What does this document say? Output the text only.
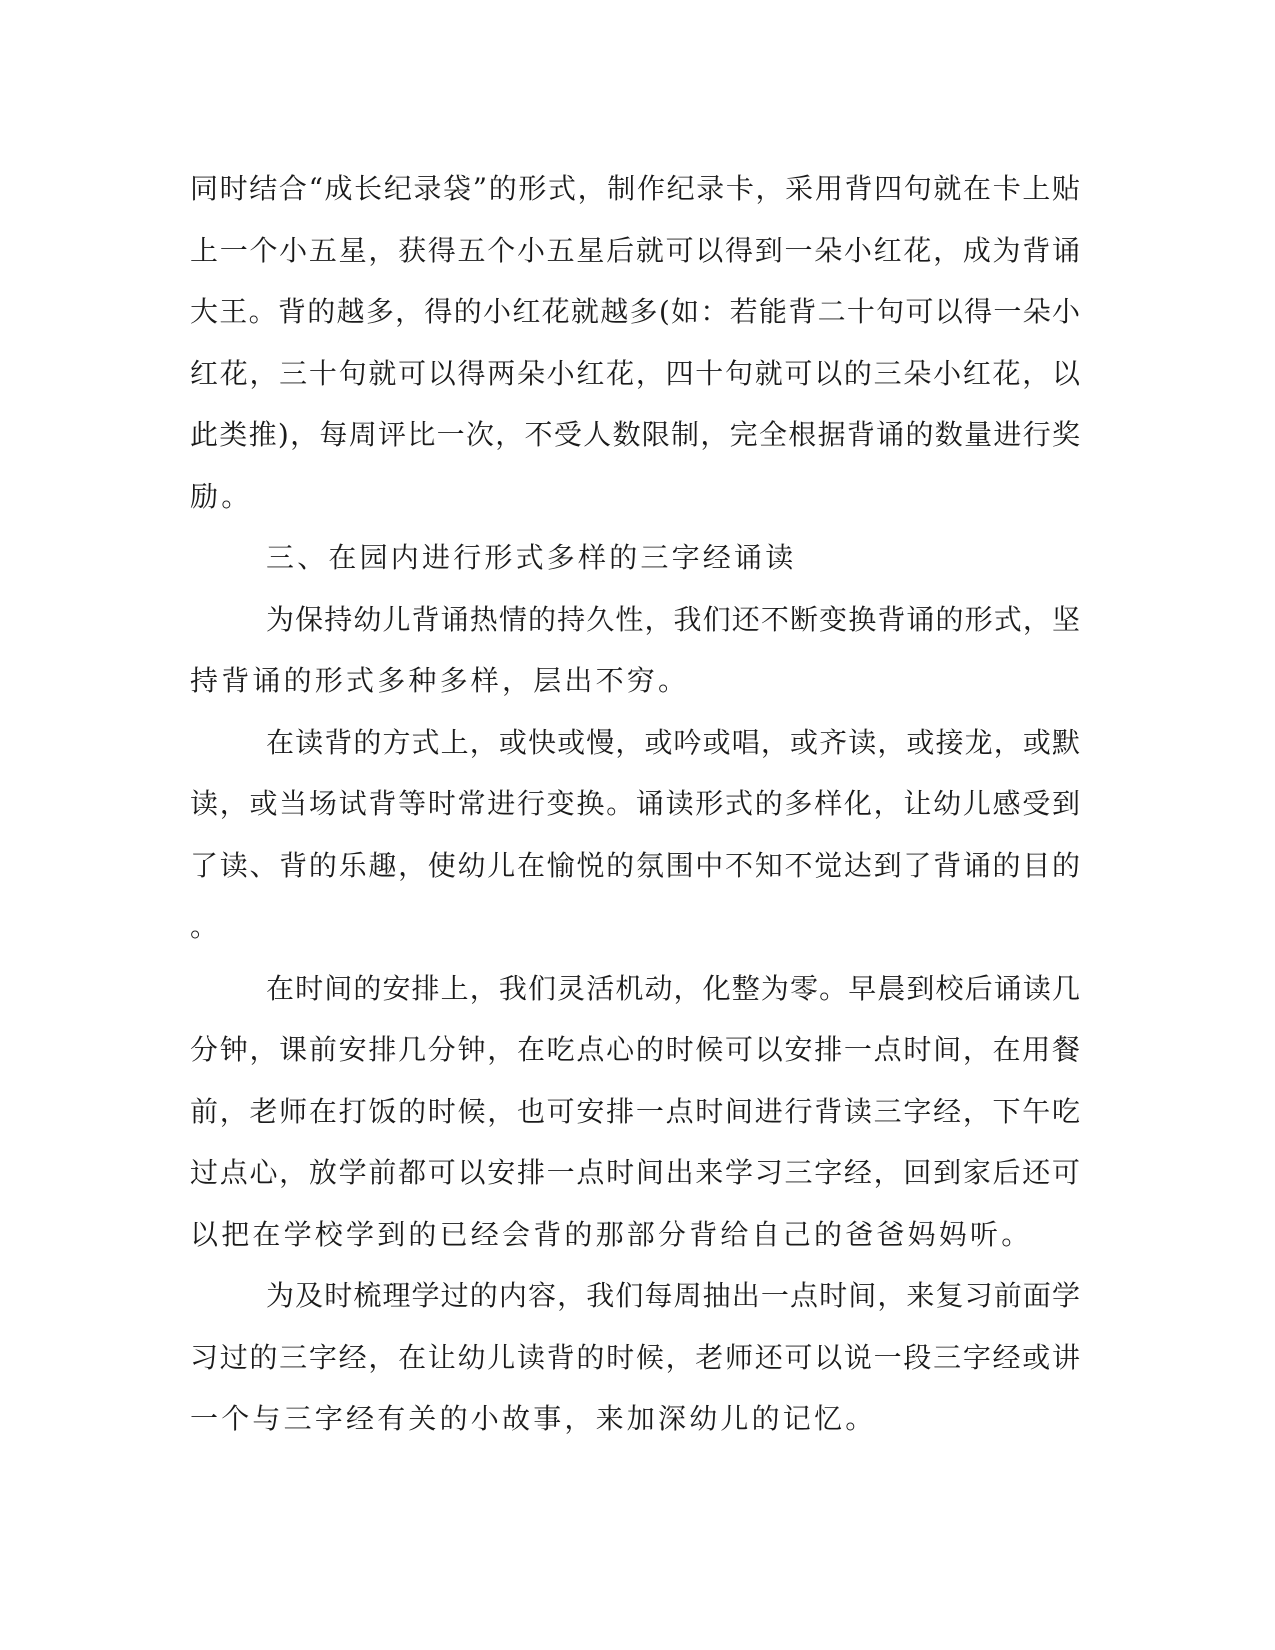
同时结合“成长纪录袋”的形式，制作纪录卡，采用背四句就在卡上贴
上一个小五星，获得五个小五星后就可以得到一朵小红花，成为背诵
大王。背的越多，得的小红花就越多(如：若能背二十句可以得一朵小
红花，三十句就可以得两朵小红花，四十句就可以的三朵小红花，以
此类推)，每周评比一次，不受人数限制，完全根据背诵的数量进行奖
励。
三、在园内进行形式多样的三字经诵读
为保持幼儿背诵热情的持久性，我们还不断变换背诵的形式，坚
持背诵的形式多种多样，层出不穷。
在读背的方式上，或快或慢，或吟或唱，或齐读，或接龙，或默
读，或当场试背等时常进行变换。诵读形式的多样化，让幼儿感受到
了读、背的乐趣，使幼儿在愉悦的氛围中不知不觉达到了背诵的目的
。
在时间的安排上，我们灵活机动，化整为零。早晨到校后诵读几
分钟，课前安排几分钟，在吃点心的时候可以安排一点时间，在用餐
前，老师在打饭的时候，也可安排一点时间进行背读三字经，下午吃
过点心，放学前都可以安排一点时间出来学习三字经，回到家后还可
以把在学校学到的已经会背的那部分背给自己的爸爸妈妈听。
为及时梳理学过的内容，我们每周抽出一点时间，来复习前面学
习过的三字经，在让幼儿读背的时候，老师还可以说一段三字经或讲
一个与三字经有关的小故事，来加深幼儿的记忆。
